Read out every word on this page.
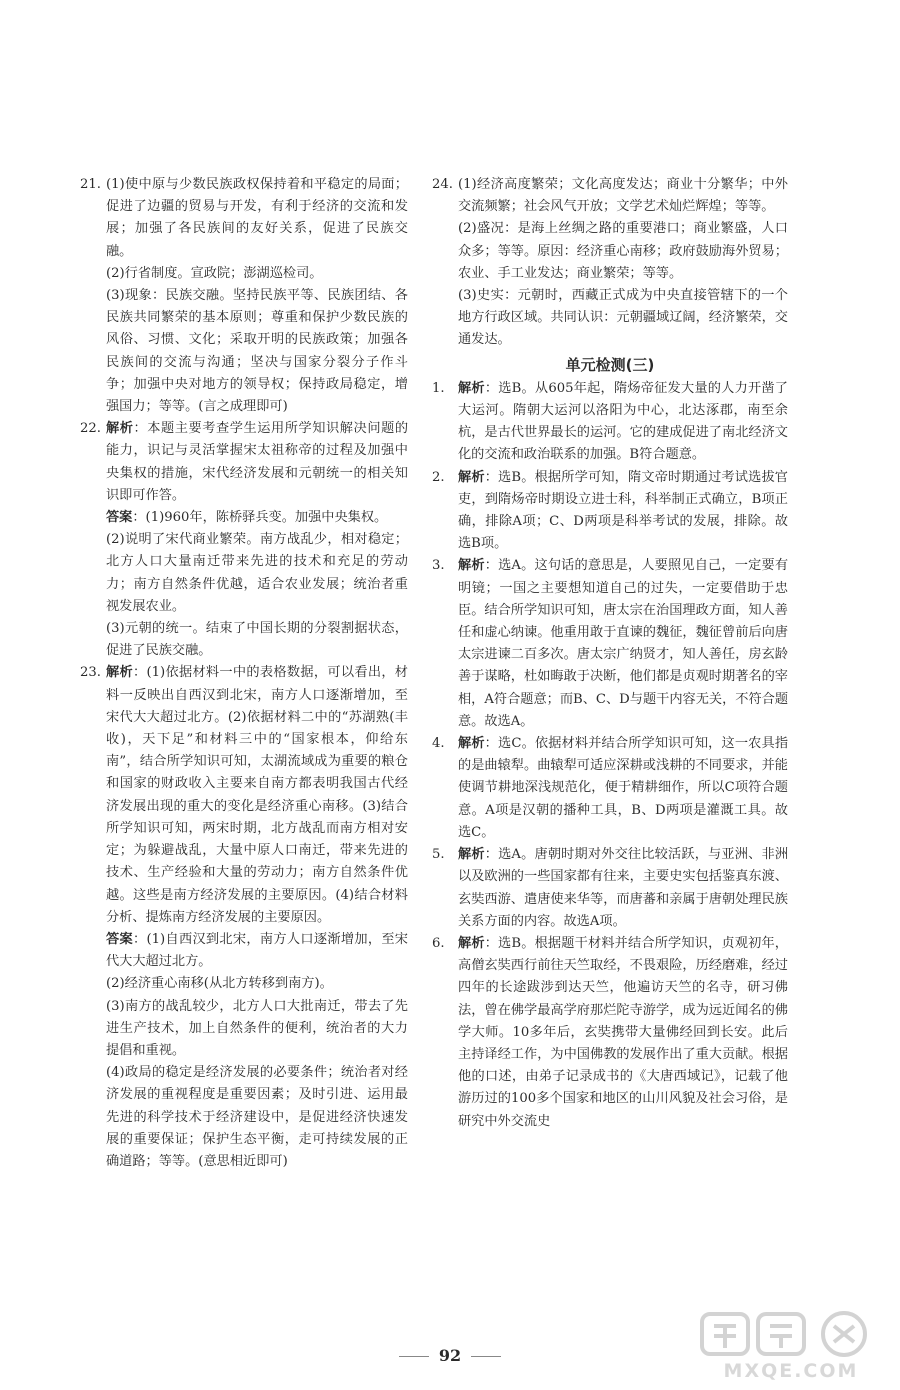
21. (1)使中原与少数民族政权保持着和平稳定的局面；促进了边疆的贸易与开发，有利于经济的交流和发展；加强了各民族间的友好关系，促进了民族交融。

(2)行省制度。宣政院；澎湖巡检司。

(3)现象：民族交融。坚持民族平等、民族团结、各民族共同繁荣的基本原则；尊重和保护少数民族的风俗、习惯、文化；采取开明的民族政策；加强各民族间的交流与沟通；坚决与国家分裂分子作斗争；加强中央对地方的领导权；保持政局稳定，增强国力；等等。(言之成理即可)

22. 解析：本题主要考查学生运用所学知识解决问题的能力，识记与灵活掌握宋太祖称帝的过程及加强中央集权的措施，宋代经济发展和元朝统一的相关知识即可作答。

答案：(1)960年，陈桥驿兵变。加强中央集权。

(2)说明了宋代商业繁荣。南方战乱少，相对稳定；北方人口大量南迁带来先进的技术和充足的劳动力；南方自然条件优越，适合农业发展；统治者重视发展农业。

(3)元朝的统一。结束了中国长期的分裂割据状态，促进了民族交融。

23. 解析：(1)依据材料一中的表格数据，可以看出，材料一反映出自西汉到北宋，南方人口逐渐增加，至宋代大大超过北方。(2)依据材料二中的“苏湖熟(丰收)，天下足”和材料三中的“国家根本，仰给东南”，结合所学知识可知，太湖流域成为重要的粮仓和国家的财政收入主要来自南方都表明我国古代经济发展出现的重大的变化是经济重心南移。(3)结合所学知识可知，两宋时期，北方战乱而南方相对安定；为躲避战乱，大量中原人口南迁，带来先进的技术、生产经验和大量的劳动力；南方自然条件优越。这些是南方经济发展的主要原因。(4)结合材料分析、提炼南方经济发展的主要原因。

答案：(1)自西汉到北宋，南方人口逐渐增加，至宋代大大超过北方。

(2)经济重心南移(从北方转移到南方)。

(3)南方的战乱较少，北方人口大批南迁，带去了先进生产技术，加上自然条件的便利，统治者的大力提倡和重视。

(4)政局的稳定是经济发展的必要条件；统治者对经济发展的重视程度是重要因素；及时引进、运用最先进的科学技术于经济建设中，是促进经济快速发展的重要保证；保护生态平衡，走可持续发展的正确道路；等等。(意思相近即可)

24. (1)经济高度繁荣；文化高度发达；商业十分繁华；中外交流频繁；社会风气开放；文学艺术灿烂辉煌；等等。

(2)盛况：是海上丝绸之路的重要港口；商业繁盛，人口众多；等等。原因：经济重心南移；政府鼓励海外贸易；农业、手工业发达；商业繁荣；等等。

(3)史实：元朝时，西藏正式成为中央直接管辖下的一个地方行政区域。共同认识：元朝疆域辽阔，经济繁荣，交通发达。

单元检测(三)
1. 解析：选B。从605年起，隋炀帝征发大量的人力开凿了大运河。隋朝大运河以洛阳为中心，北达涿郡，南至余杭，是古代世界最长的运河。它的建成促进了南北经济文化的交流和政治联系的加强。B符合题意。

2. 解析：选B。根据所学可知，隋文帝时期通过考试选拔官吏，到隋炀帝时期设立进士科，科举制正式确立，B项正确，排除A项；C、D两项是科举考试的发展，排除。故选B项。

3. 解析：选A。这句话的意思是，人要照见自己，一定要有明镜；一国之主要想知道自己的过失，一定要借助于忠臣。结合所学知识可知，唐太宗在治国理政方面，知人善任和虚心纳谏。他重用敢于直谏的魏征，魏征曾前后向唐太宗进谏二百多次。唐太宗广纳贤才，知人善任，房玄龄善于谋略，杜如晦敢于决断，他们都是贞观时期著名的宰相，A符合题意；而B、C、D与题干内容无关，不符合题意。故选A。

4. 解析：选C。依据材料并结合所学知识可知，这一农具指的是曲辕犁。曲辕犁可适应深耕或浅耕的不同要求，并能使调节耕地深浅规范化，便于精耕细作，所以C项符合题意。A项是汉朝的播种工具，B、D两项是灌溉工具。故选C。

5. 解析：选A。唐朝时期对外交往比较活跃，与亚洲、非洲以及欧洲的一些国家都有往来，主要史实包括鉴真东渡、玄奘西游、遣唐使来华等，而唐蕃和亲属于唐朝处理民族关系方面的内容。故选A项。

6. 解析：选B。根据题干材料并结合所学知识，贞观初年，高僧玄奘西行前往天竺取经，不畏艰险，历经磨难，经过四年的长途跋涉到达天竺，他遍访天竺的名寺，研习佛法，曾在佛学最高学府那烂陀寺游学，成为远近闻名的佛学大师。10多年后，玄奘携带大量佛经回到长安。此后主持译经工作，为中国佛教的发展作出了重大贡献。根据他的口述，由弟子记录成书的《大唐西域记》，记载了他游历过的100多个国家和地区的山川风貌及社会习俗，是研究中外交流史

92
MXQE.COM
